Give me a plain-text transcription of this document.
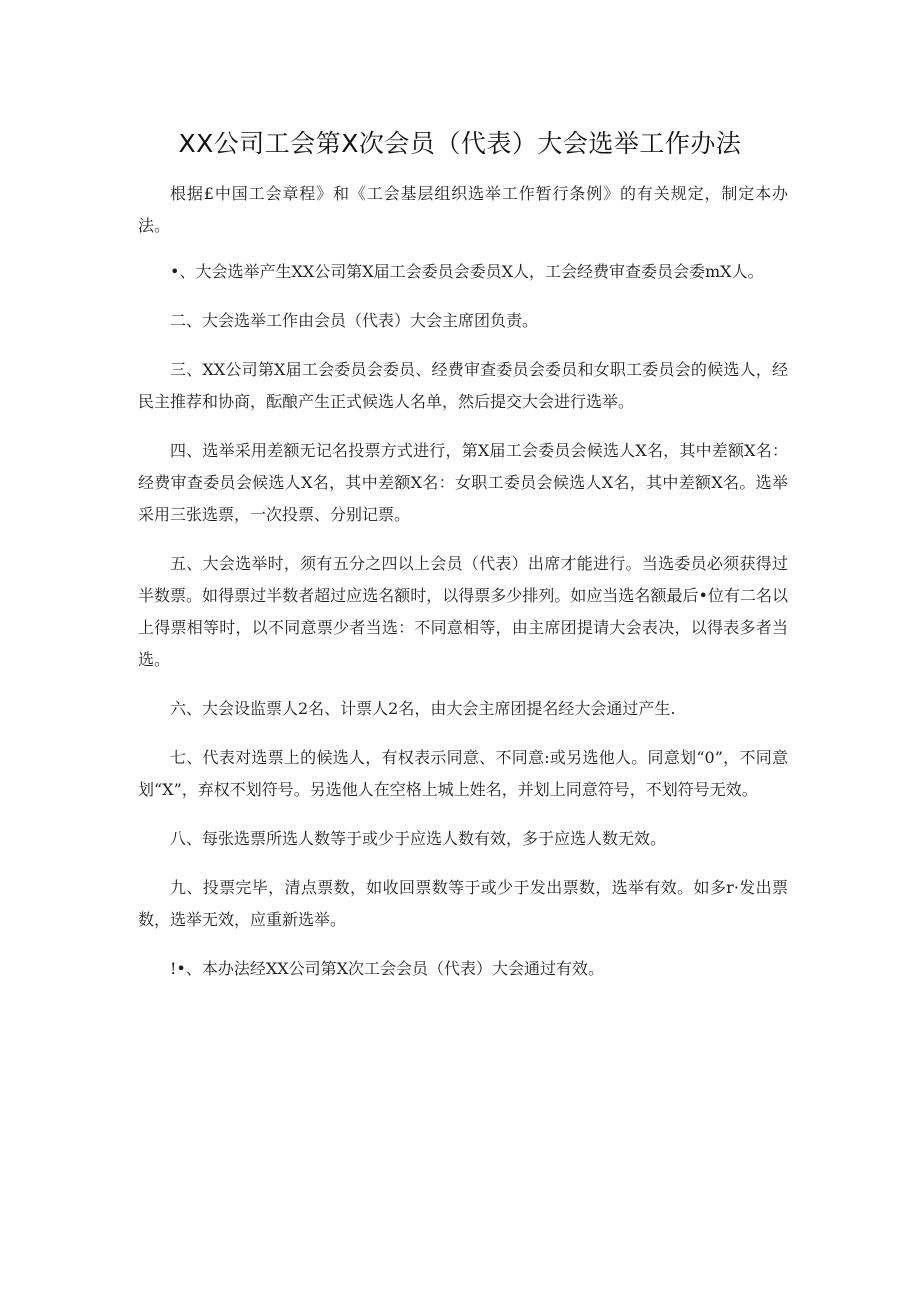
XX公司工会第X次会员（代表）大会选举工作办法

根据£中国工会章程》和《工会基层组织选举工作暂行条例》的有关规定，制定本办法。

•、大会选举产生XX公司第X届工会委员会委员X人，工会经费审查委员会委mX人。

二、大会选举工作由会员（代表）大会主席团负责。

三、XX公司第X届工会委员会委员、经费审查委员会委员和女职工委员会的候选人，经民主推荐和协商，酝酿产生正式候选人名单，然后提交大会进行选举。

四、选举采用差额无记名投票方式进行，第X届工会委员会候选人X名，其中差额X名：经费审查委员会候选人X名，其中差额X名：女职工委员会候选人X名，其中差额X名。选举采用三张选票，一次投票、分别记票。

五、大会选举时，须有五分之四以上会员（代表）出席才能进行。当选委员必须获得过半数票。如得票过半数者超过应选名额时，以得票多少排列。如应当选名额最后•位有二名以上得票相等时，以不同意票少者当选：不同意相等，由主席团提请大会表决，以得表多者当选。

六、大会设监票人2名、计票人2名，由大会主席团提名经大会通过产生.

七、代表对选票上的候选人，有权表示同意、不同意:或另选他人。同意划“0”，不同意划“X”，弃权不划符号。另选他人在空格上城上姓名，并划上同意符号，不划符号无效。

八、每张选票所选人数等于或少于应选人数有效，多于应选人数无效。

九、投票完毕，清点票数，如收回票数等于或少于发出票数，选举有效。如多r·发出票数，选举无效，应重新选举。

!•、本办法经XX公司第X次工会会员（代表）大会通过有效。
